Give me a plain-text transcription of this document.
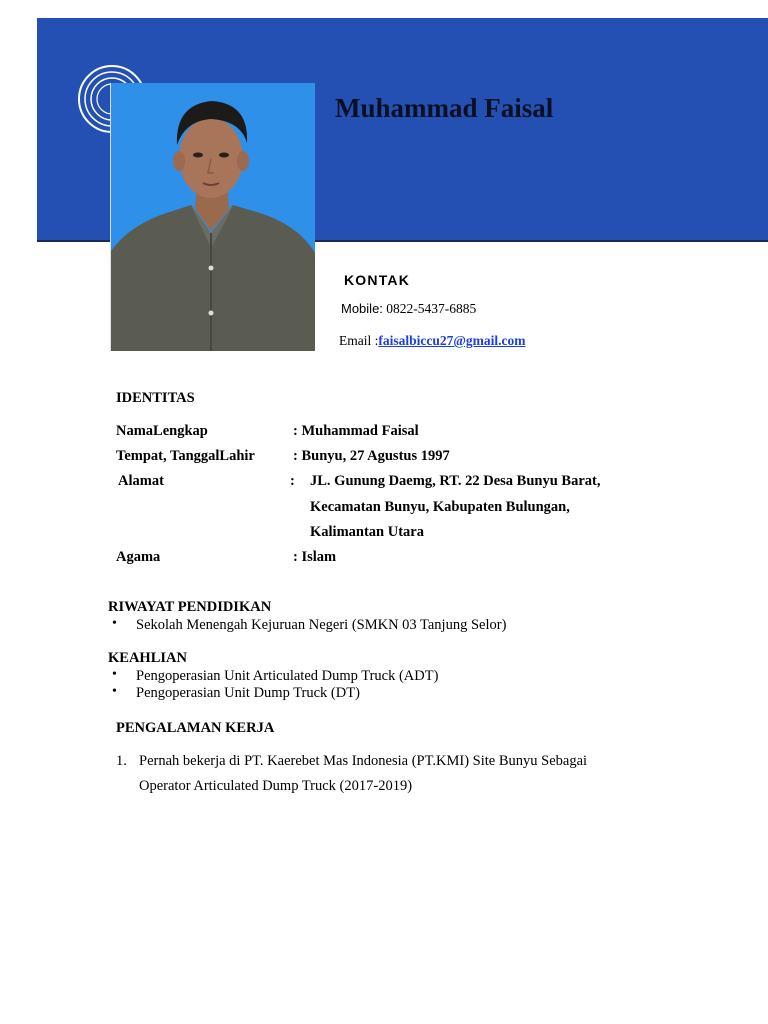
Muhammad Faisal
KONTAK
Mobile: 0822-5437-6885
Email :faisalbiccu27@gmail.com
IDENTITAS
NamaLengkap	: Muhammad Faisal
Tempat, TanggalLahir	: Bunyu, 27 Agustus 1997
Alamat	: JL. Gunung Daemg, RT. 22 Desa Bunyu Barat,
Kecamatan Bunyu, Kabupaten Bulungan,
Kalimantan Utara
Agama	: Islam
RIWAYAT PENDIDIKAN
• Sekolah Menengah Kejuruan Negeri (SMKN 03 Tanjung Selor)
KEAHLIAN
• Pengoperasian Unit Articulated Dump Truck (ADT)
• Pengoperasian Unit Dump Truck (DT)
PENGALAMAN KERJA
1. Pernah bekerja di PT. Kaerebet Mas Indonesia (PT.KMI) Site Bunyu Sebagai
Operator Articulated Dump Truck (2017-2019)
